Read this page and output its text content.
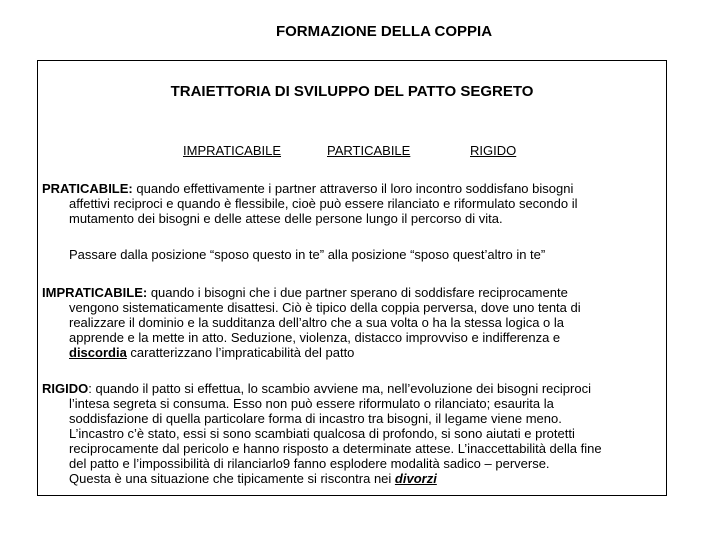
FORMAZIONE DELLA COPPIA
TRAIETTORIA DI SVILUPPO DEL PATTO SEGRETO
IMPRATICABILE	PARTICABILE	RIGIDO
PRATICABILE: quando effettivamente i partner attraverso il loro incontro soddisfano bisogni
affettivi reciproci e quando è flessibile, cioè può essere rilanciato e riformulato secondo il
mutamento dei bisogni e delle attese delle persone lungo il percorso di vita.
Passare dalla posizione “sposo questo in te” alla posizione “sposo quest’altro in te”
IMPRATICABILE: quando i bisogni che i due partner sperano di soddisfare reciprocamente
vengono sistematicamente disattesi. Ciò è tipico della coppia perversa, dove uno tenta di
realizzare il dominio e la sudditanza dell’altro che a sua volta o ha la stessa logica o la
apprende e la mette in atto. Seduzione, violenza, distacco improvviso e indifferenza e
discordia caratterizzano l’impraticabilità del patto
RIGIDO: quando il patto si effettua, lo scambio avviene ma, nell’evoluzione dei bisogni reciproci
l’intesa segreta si consuma. Esso non può essere riformulato o rilanciato; esaurita la
soddisfazione di quella particolare forma di incastro tra bisogni, il legame viene meno.
L’incastro c’è stato, essi si sono scambiati qualcosa di profondo, si sono aiutati e protetti
reciprocamente dal pericolo e hanno risposto a determinate attese. L’inaccettabilità della fine
del patto e l’impossibilità di rilanciarlo9 fanno esplodere modalità sadico – perverse.
Questa è una situazione che tipicamente si riscontra nei divorzi
